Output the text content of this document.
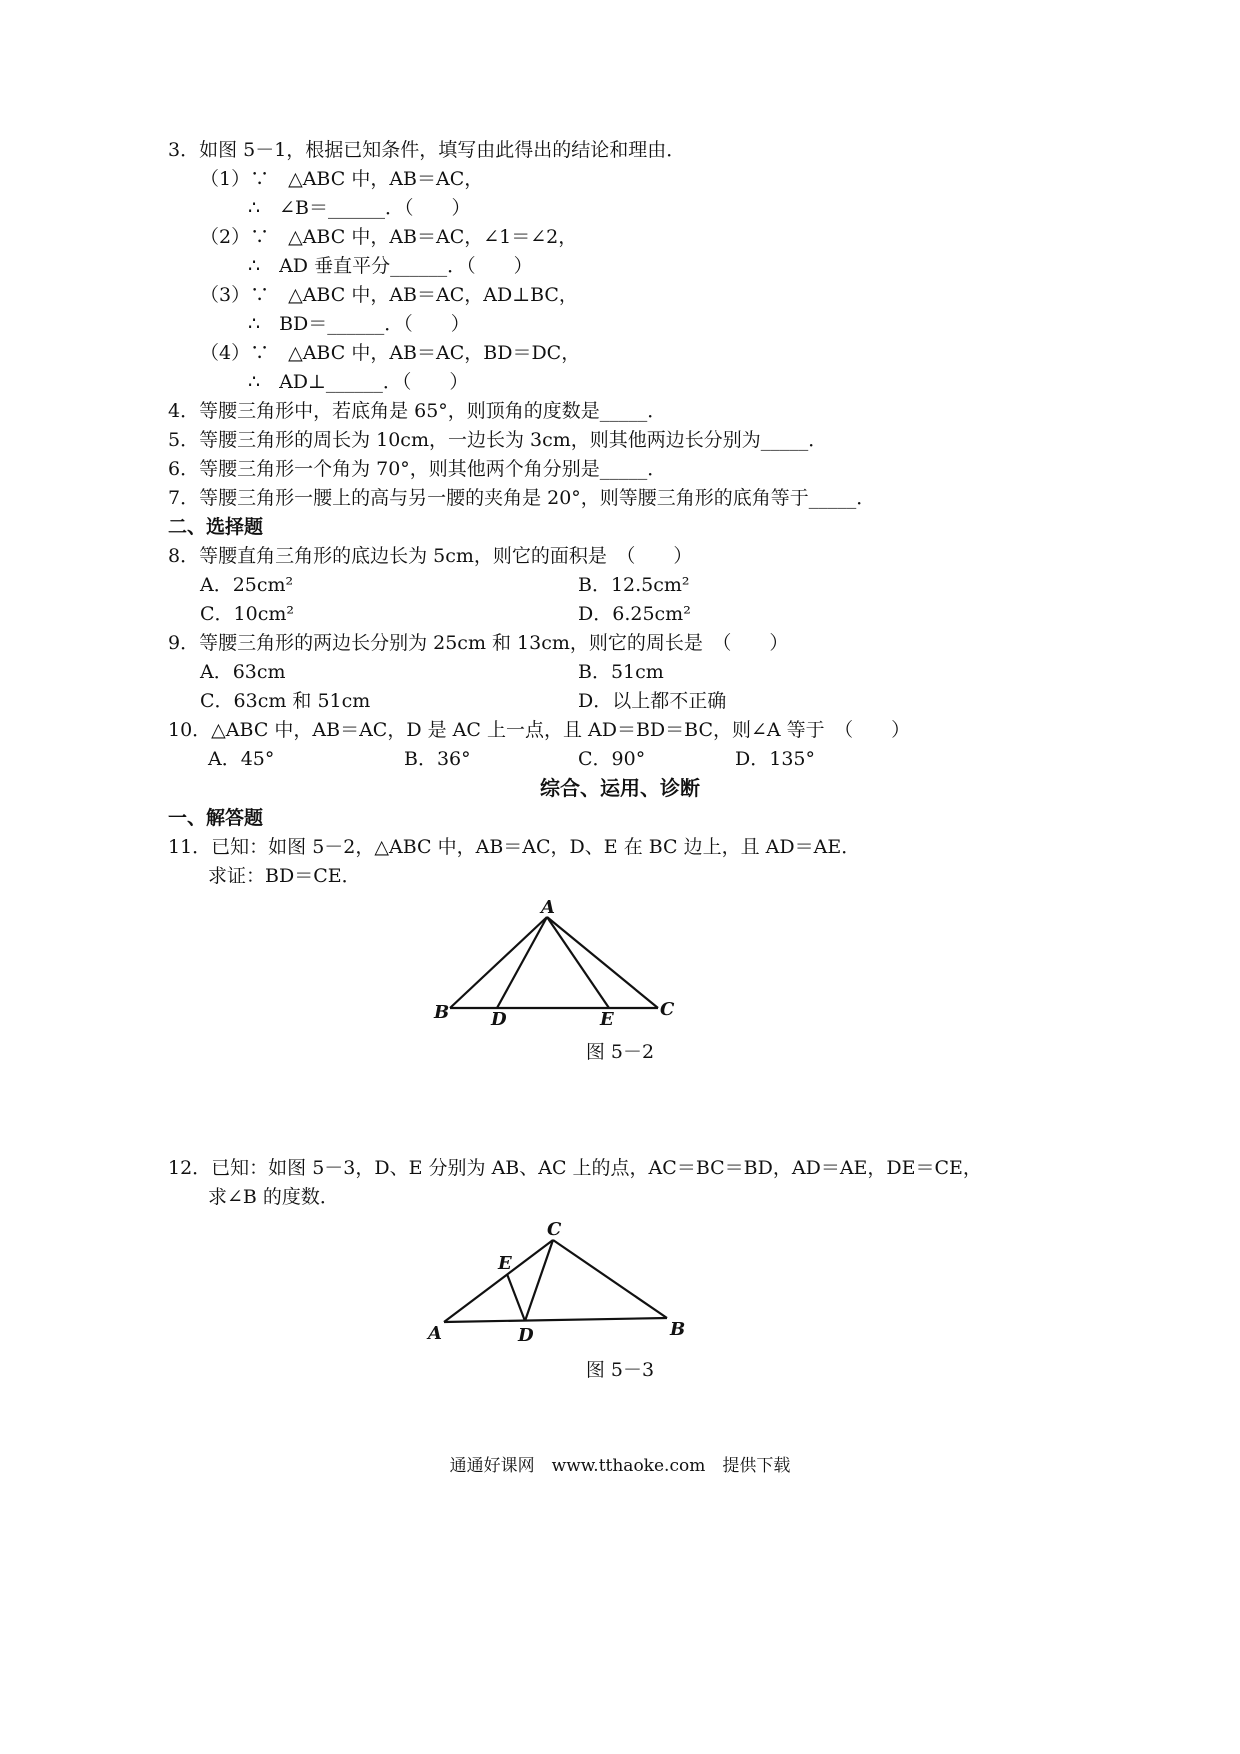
3．如图 5－1，根据已知条件，填写由此得出的结论和理由．
（1）∵　△ABC 中，AB＝AC，
∴　∠B＝______．（　　）
（2）∵　△ABC 中，AB＝AC，∠1＝∠2，
∴　AD 垂直平分______．（　　）
（3）∵　△ABC 中，AB＝AC，AD⊥BC，
∴　BD＝______．（　　）
（4）∵　△ABC 中，AB＝AC，BD＝DC，
∴　AD⊥______．（　　）
4．等腰三角形中，若底角是 65°，则顶角的度数是_____．
5．等腰三角形的周长为 10cm，一边长为 3cm，则其他两边长分别为_____．
6．等腰三角形一个角为 70°，则其他两个角分别是_____．
7．等腰三角形一腰上的高与另一腰的夹角是 20°，则等腰三角形的底角等于_____．
二、选择题
8．等腰直角三角形的底边长为 5cm，则它的面积是　（　　）
A．25cm²	B．12.5cm²
C．10cm²	D．6.25cm²
9．等腰三角形的两边长分别为 25cm 和 13cm，则它的周长是　（　　）
A．63cm	B．51cm
C．63cm 和 51cm	D．以上都不正确
10．△ABC 中，AB＝AC，D 是 AC 上一点，且 AD＝BD＝BC，则∠A 等于　（　　）
A．45°	B．36°	C．90°	D．135°
综合、运用、诊断
一、解答题
11．已知：如图 5－2，△ABC 中，AB＝AC，D、E 在 BC 边上，且 AD＝AE．
求证：BD＝CE．
A
B	C
D	E
图 5－2
12．已知：如图 5－3，D、E 分别为 AB、AC 上的点，AC＝BC＝BD，AD＝AE，DE＝CE，
求∠B 的度数．
C
E
A	D	B
图 5－3
通通好课网　www.tthaoke.com　提供下载
